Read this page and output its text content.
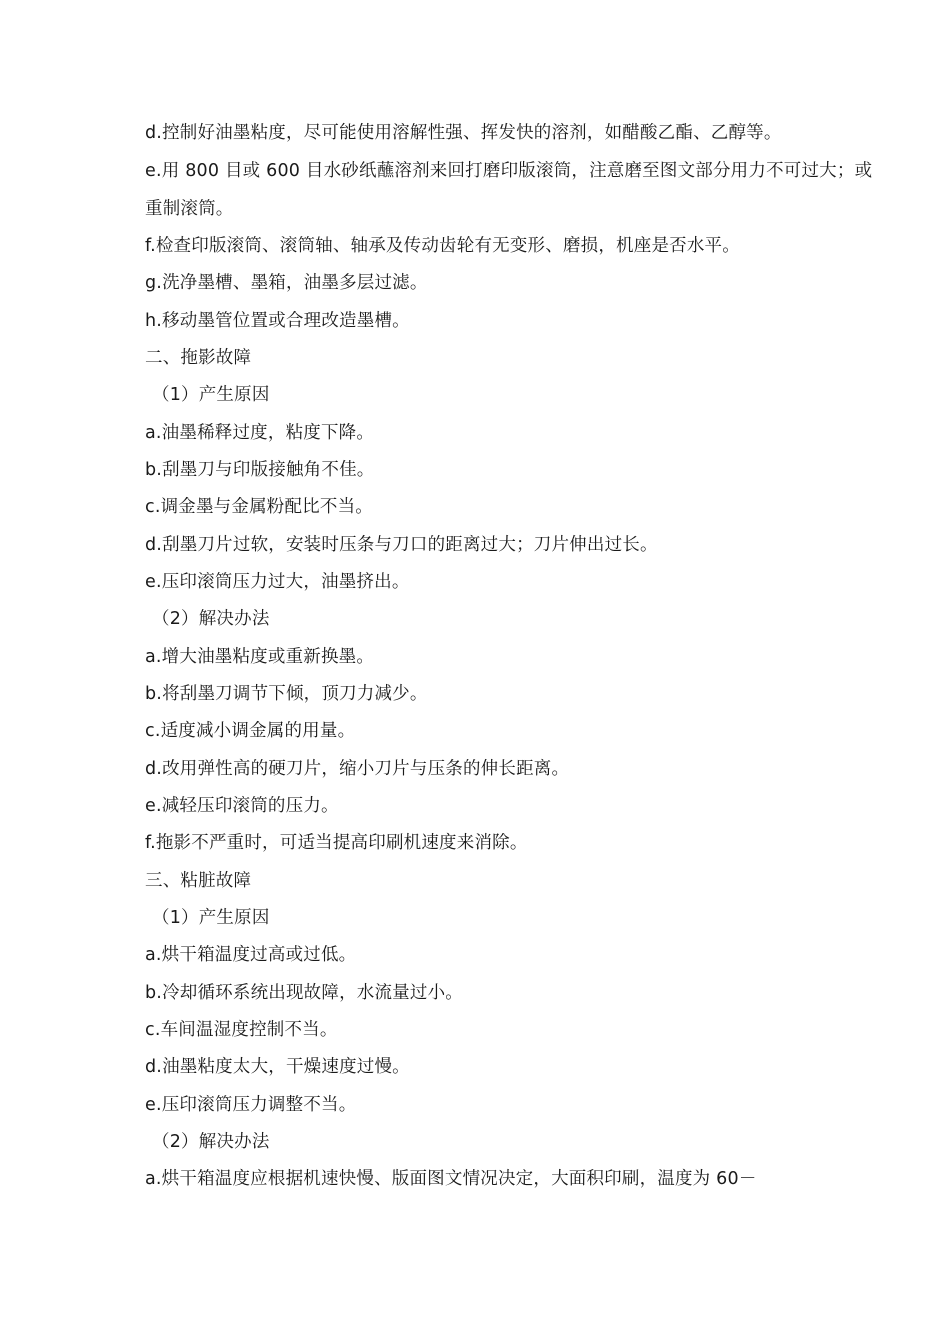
d.控制好油墨粘度，尽可能使用溶解性强、挥发快的溶剂，如醋酸乙酯、乙醇等。
e.用 800 目或 600 目水砂纸蘸溶剂来回打磨印版滚筒，注意磨至图文部分用力不可过大；或
重制滚筒。
f.检查印版滚筒、滚筒轴、轴承及传动齿轮有无变形、磨损，机座是否水平。
g.洗净墨槽、墨箱，油墨多层过滤。
h.移动墨管位置或合理改造墨槽。
二、拖影故障
（1）产生原因
a.油墨稀释过度，粘度下降。
b.刮墨刀与印版接触角不佳。
c.调金墨与金属粉配比不当。
d.刮墨刀片过软，安装时压条与刀口的距离过大；刀片伸出过长。
e.压印滚筒压力过大，油墨挤出。
（2）解决办法
a.增大油墨粘度或重新换墨。
b.将刮墨刀调节下倾，顶刀力减少。
c.适度减小调金属的用量。
d.改用弹性高的硬刀片，缩小刀片与压条的伸长距离。
e.减轻压印滚筒的压力。
f.拖影不严重时，可适当提高印刷机速度来消除。
三、粘脏故障
（1）产生原因
a.烘干箱温度过高或过低。
b.冷却循环系统出现故障，水流量过小。
c.车间温湿度控制不当。
d.油墨粘度太大，干燥速度过慢。
e.压印滚筒压力调整不当。
（2）解决办法
a.烘干箱温度应根据机速快慢、版面图文情况决定，大面积印刷，温度为 60－
